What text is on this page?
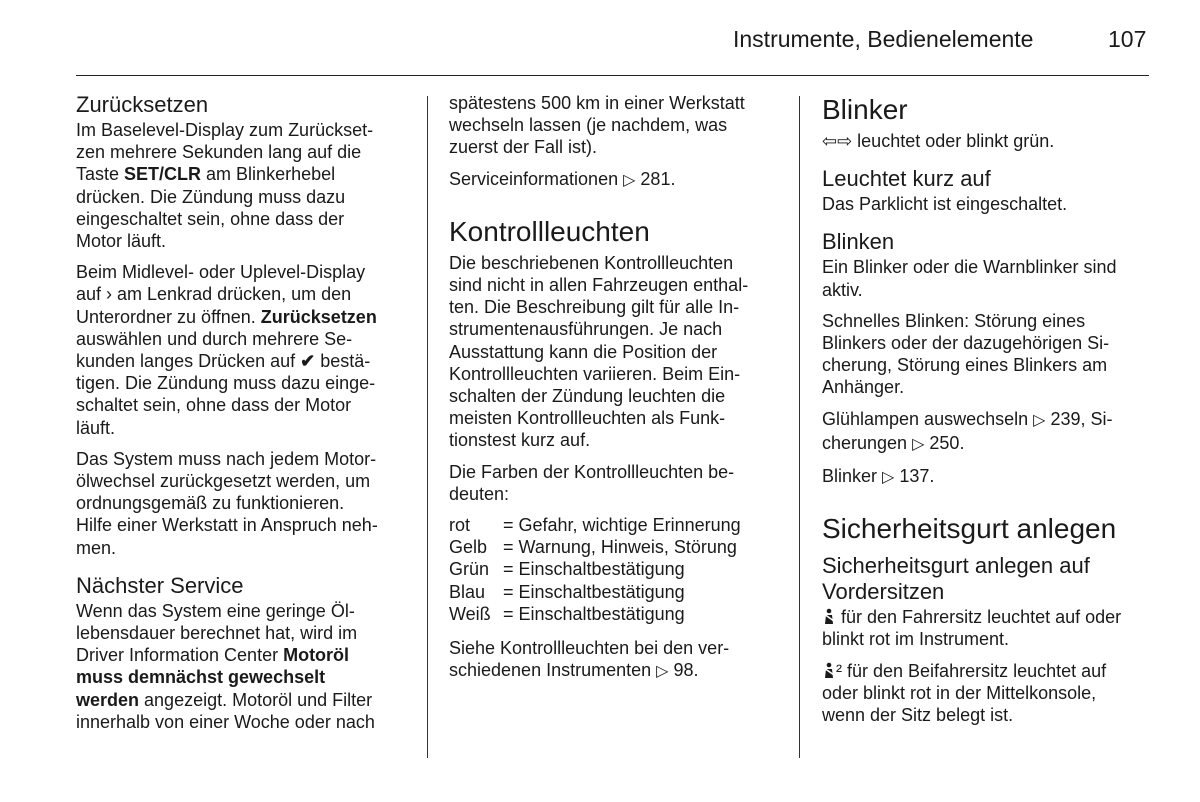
Instrumente, Bedienelemente	107
Zurücksetzen

Im Baselevel-Display zum Zurückset-
zen mehrere Sekunden lang auf die
Taste SET/CLR am Blinkerhebel
drücken. Die Zündung muss dazu
eingeschaltet sein, ohne dass der
Motor läuft.

Beim Midlevel- oder Uplevel-Display
auf › am Lenkrad drücken, um den
Unterordner zu öffnen. Zurücksetzen
auswählen und durch mehrere Se-
kunden langes Drücken auf ✔ bestä-
tigen. Die Zündung muss dazu einge-
schaltet sein, ohne dass der Motor
läuft.

Das System muss nach jedem Motor-
ölwechsel zurückgesetzt werden, um
ordnungsgemäß zu funktionieren.
Hilfe einer Werkstatt in Anspruch neh-
men.

Nächster Service

Wenn das System eine geringe Öl-
lebensdauer berechnet hat, wird im
Driver Information Center Motoröl
muss demnächst gewechselt
werden angezeigt. Motoröl und Filter
innerhalb von einer Woche oder nach

spätestens 500 km in einer Werkstatt
wechseln lassen (je nachdem, was
zuerst der Fall ist).

Serviceinformationen ▷ 281.

Kontrollleuchten

Die beschriebenen Kontrollleuchten
sind nicht in allen Fahrzeugen enthal-
ten. Die Beschreibung gilt für alle In-
strumentenausführungen. Je nach
Ausstattung kann die Position der
Kontrollleuchten variieren. Beim Ein-
schalten der Zündung leuchten die
meisten Kontrollleuchten als Funk-
tionstest kurz auf.

Die Farben der Kontrollleuchten be-
deuten:

rot	= Gefahr, wichtige Erinnerung
Gelb	= Warnung, Hinweis, Störung
Grün	= Einschaltbestätigung
Blau	= Einschaltbestätigung
Weiß	= Einschaltbestätigung

Siehe Kontrollleuchten bei den ver-
schiedenen Instrumenten ▷ 98.

Blinker

⇦⇨ leuchtet oder blinkt grün.

Leuchtet kurz auf

Das Parklicht ist eingeschaltet.

Blinken

Ein Blinker oder die Warnblinker sind
aktiv.

Schnelles Blinken: Störung eines
Blinkers oder der dazugehörigen Si-
cherung, Störung eines Blinkers am
Anhänger.

Glühlampen auswechseln ▷ 239, Si-
cherungen ▷ 250.

Blinker ▷ 137.

Sicherheitsgurt anlegen
Sicherheitsgurt anlegen auf
Vordersitzen

für den Fahrersitz leuchtet auf oder
blinkt rot im Instrument.

² für den Beifahrersitz leuchtet auf
oder blinkt rot in der Mittelkonsole,
wenn der Sitz belegt ist.
